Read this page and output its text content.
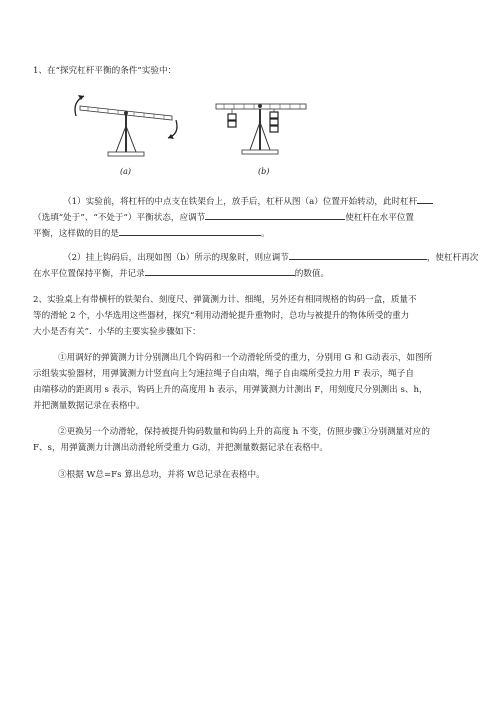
1、在“探究杠杆平衡的条件”实验中：
(a)	(b)
（1）实验前，将杠杆的中点支在铁架台上，放手后，杠杆从图（a）位置开始转动，此时杠杆
（选填“处于”、“不处于”）平衡状态，应调节	使杠杆在水平位置
平衡，这样做的目的是	。
（2）挂上钩码后，出现如图（b）所示的现象时，则应调节	，使杠杆再次
在水平位置保持平衡，并记录	的数值。
2、实验桌上有带横杆的铁架台、刻度尺、弹簧测力计、细绳，另外还有相同规格的钩码一盒，质量不
等的滑轮 2 个，小华选用这些器材，探究“利用动滑轮提升重物时，总功与被提升的物体所受的重力
大小是否有关”．小华的主要实验步骤如下：
①用调好的弹簧测力计分别测出几个钩码和一个动滑轮所受的重力，分别用 G 和 G动表示，如图所
示组装实验器材，用弹簧测力计竖直向上匀速拉绳子自由端，绳子自由端所受拉力用 F 表示，绳子自
由端移动的距离用 s 表示，钩码上升的高度用 h 表示，用弹簧测力计测出 F，用刻度尺分别测出 s、h，
并把测量数据记录在表格中。
②更换另一个动滑轮，保持被提升钩码数量和钩码上升的高度 h 不变，仿照步骤①分别测量对应的
F、s，用弹簧测力计测出动滑轮所受重力 G动，并把测量数据记录在表格中。
③根据 W总=Fs 算出总功，并将 W总记录在表格中。
